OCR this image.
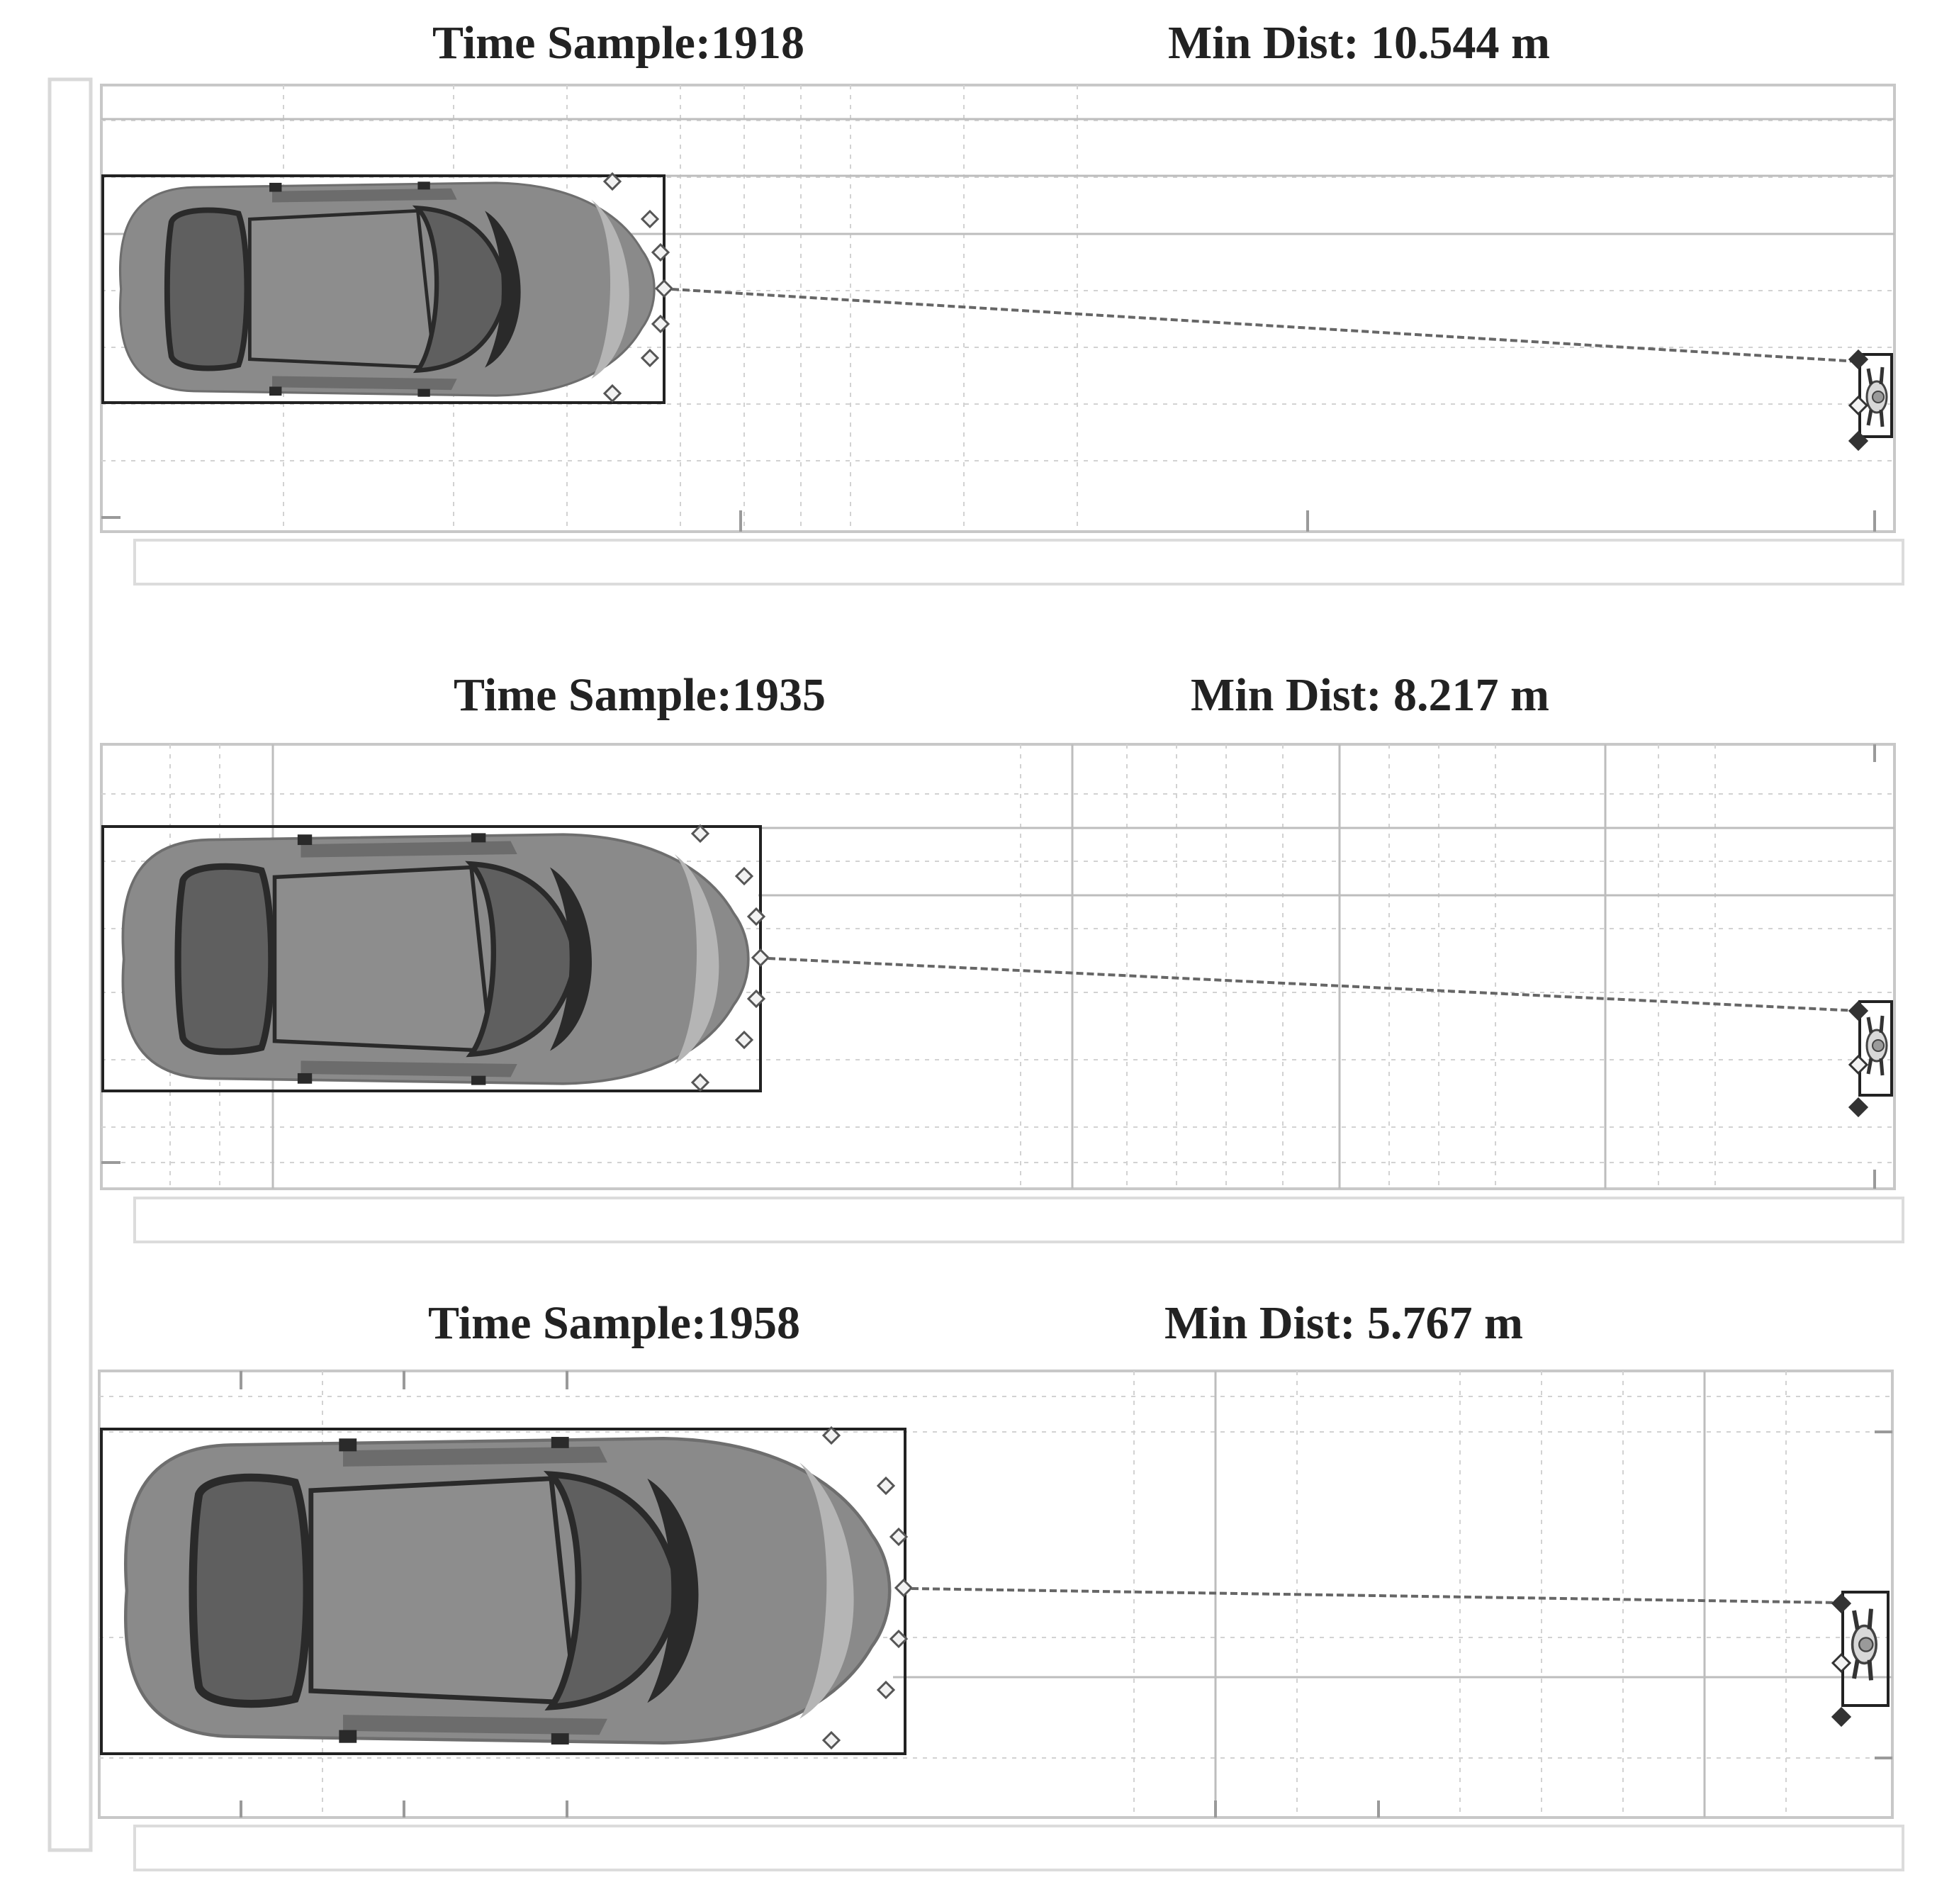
Time Sample:1918	Min Dist: 10.544 m
Time Sample:1935	Min Dist: 8.217 m
Time Sample:1958	Min Dist: 5.767 m
